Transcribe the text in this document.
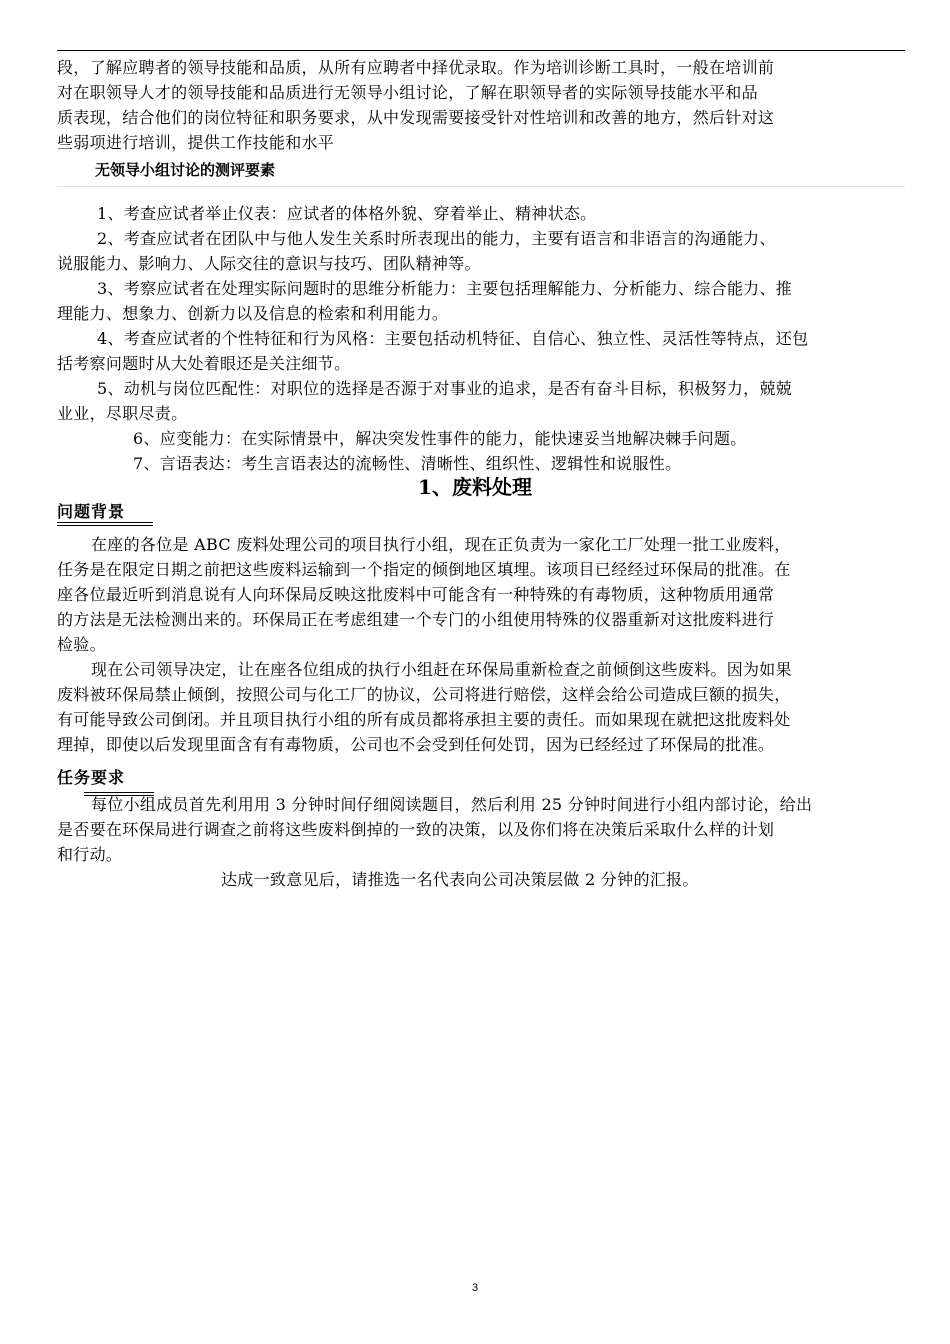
段，了解应聘者的领导技能和品质，从所有应聘者中择优录取。作为培训诊断工具时，一般在培训前

对在职领导人才的领导技能和品质进行无领导小组讨论，了解在职领导者的实际领导技能水平和品

质表现，结合他们的岗位特征和职务要求，从中发现需要接受针对性培训和改善的地方，然后针对这

些弱项进行培训，提供工作技能和水平

无领导小组讨论的测评要素

1、考查应试者举止仪表：应试者的体格外貌、穿着举止、精神状态。

2、考查应试者在团队中与他人发生关系时所表现出的能力，主要有语言和非语言的沟通能力、

说服能力、影响力、人际交往的意识与技巧、团队精神等。

3、考察应试者在处理实际问题时的思维分析能力：主要包括理解能力、分析能力、综合能力、推

理能力、想象力、创新力以及信息的检索和利用能力。

4、考查应试者的个性特征和行为风格：主要包括动机特征、自信心、独立性、灵活性等特点，还包

括考察问题时从大处着眼还是关注细节。

5、动机与岗位匹配性：对职位的选择是否源于对事业的追求，是否有奋斗目标，积极努力，兢兢

业业，尽职尽责。

6、应变能力：在实际情景中，解决突发性事件的能力，能快速妥当地解决棘手问题。

7、言语表达：考生言语表达的流畅性、清晰性、组织性、逻辑性和说服性。

1、废料处理

问题背景

在座的各位是 ABC 废料处理公司的项目执行小组，现在正负责为一家化工厂处理一批工业废料，

任务是在限定日期之前把这些废料运输到一个指定的倾倒地区填埋。该项目已经经过环保局的批准。在

座各位最近听到消息说有人向环保局反映这批废料中可能含有一种特殊的有毒物质，这种物质用通常

的方法是无法检测出来的。环保局正在考虑组建一个专门的小组使用特殊的仪器重新对这批废料进行

检验。

现在公司领导决定，让在座各位组成的执行小组赶在环保局重新检查之前倾倒这些废料。因为如果

废料被环保局禁止倾倒，按照公司与化工厂的协议，公司将进行赔偿，这样会给公司造成巨额的损失，

有可能导致公司倒闭。并且项目执行小组的所有成员都将承担主要的责任。而如果现在就把这批废料处

理掉，即使以后发现里面含有有毒物质，公司也不会受到任何处罚，因为已经经过了环保局的批准。

任务要求

每位小组成员首先利用用 3 分钟时间仔细阅读题目，然后利用 25 分钟时间进行小组内部讨论，给出

是否要在环保局进行调查之前将这些废料倒掉的一致的决策，以及你们将在决策后采取什么样的计划

和行动。

达成一致意见后，请推选一名代表向公司决策层做 2 分钟的汇报。

3
